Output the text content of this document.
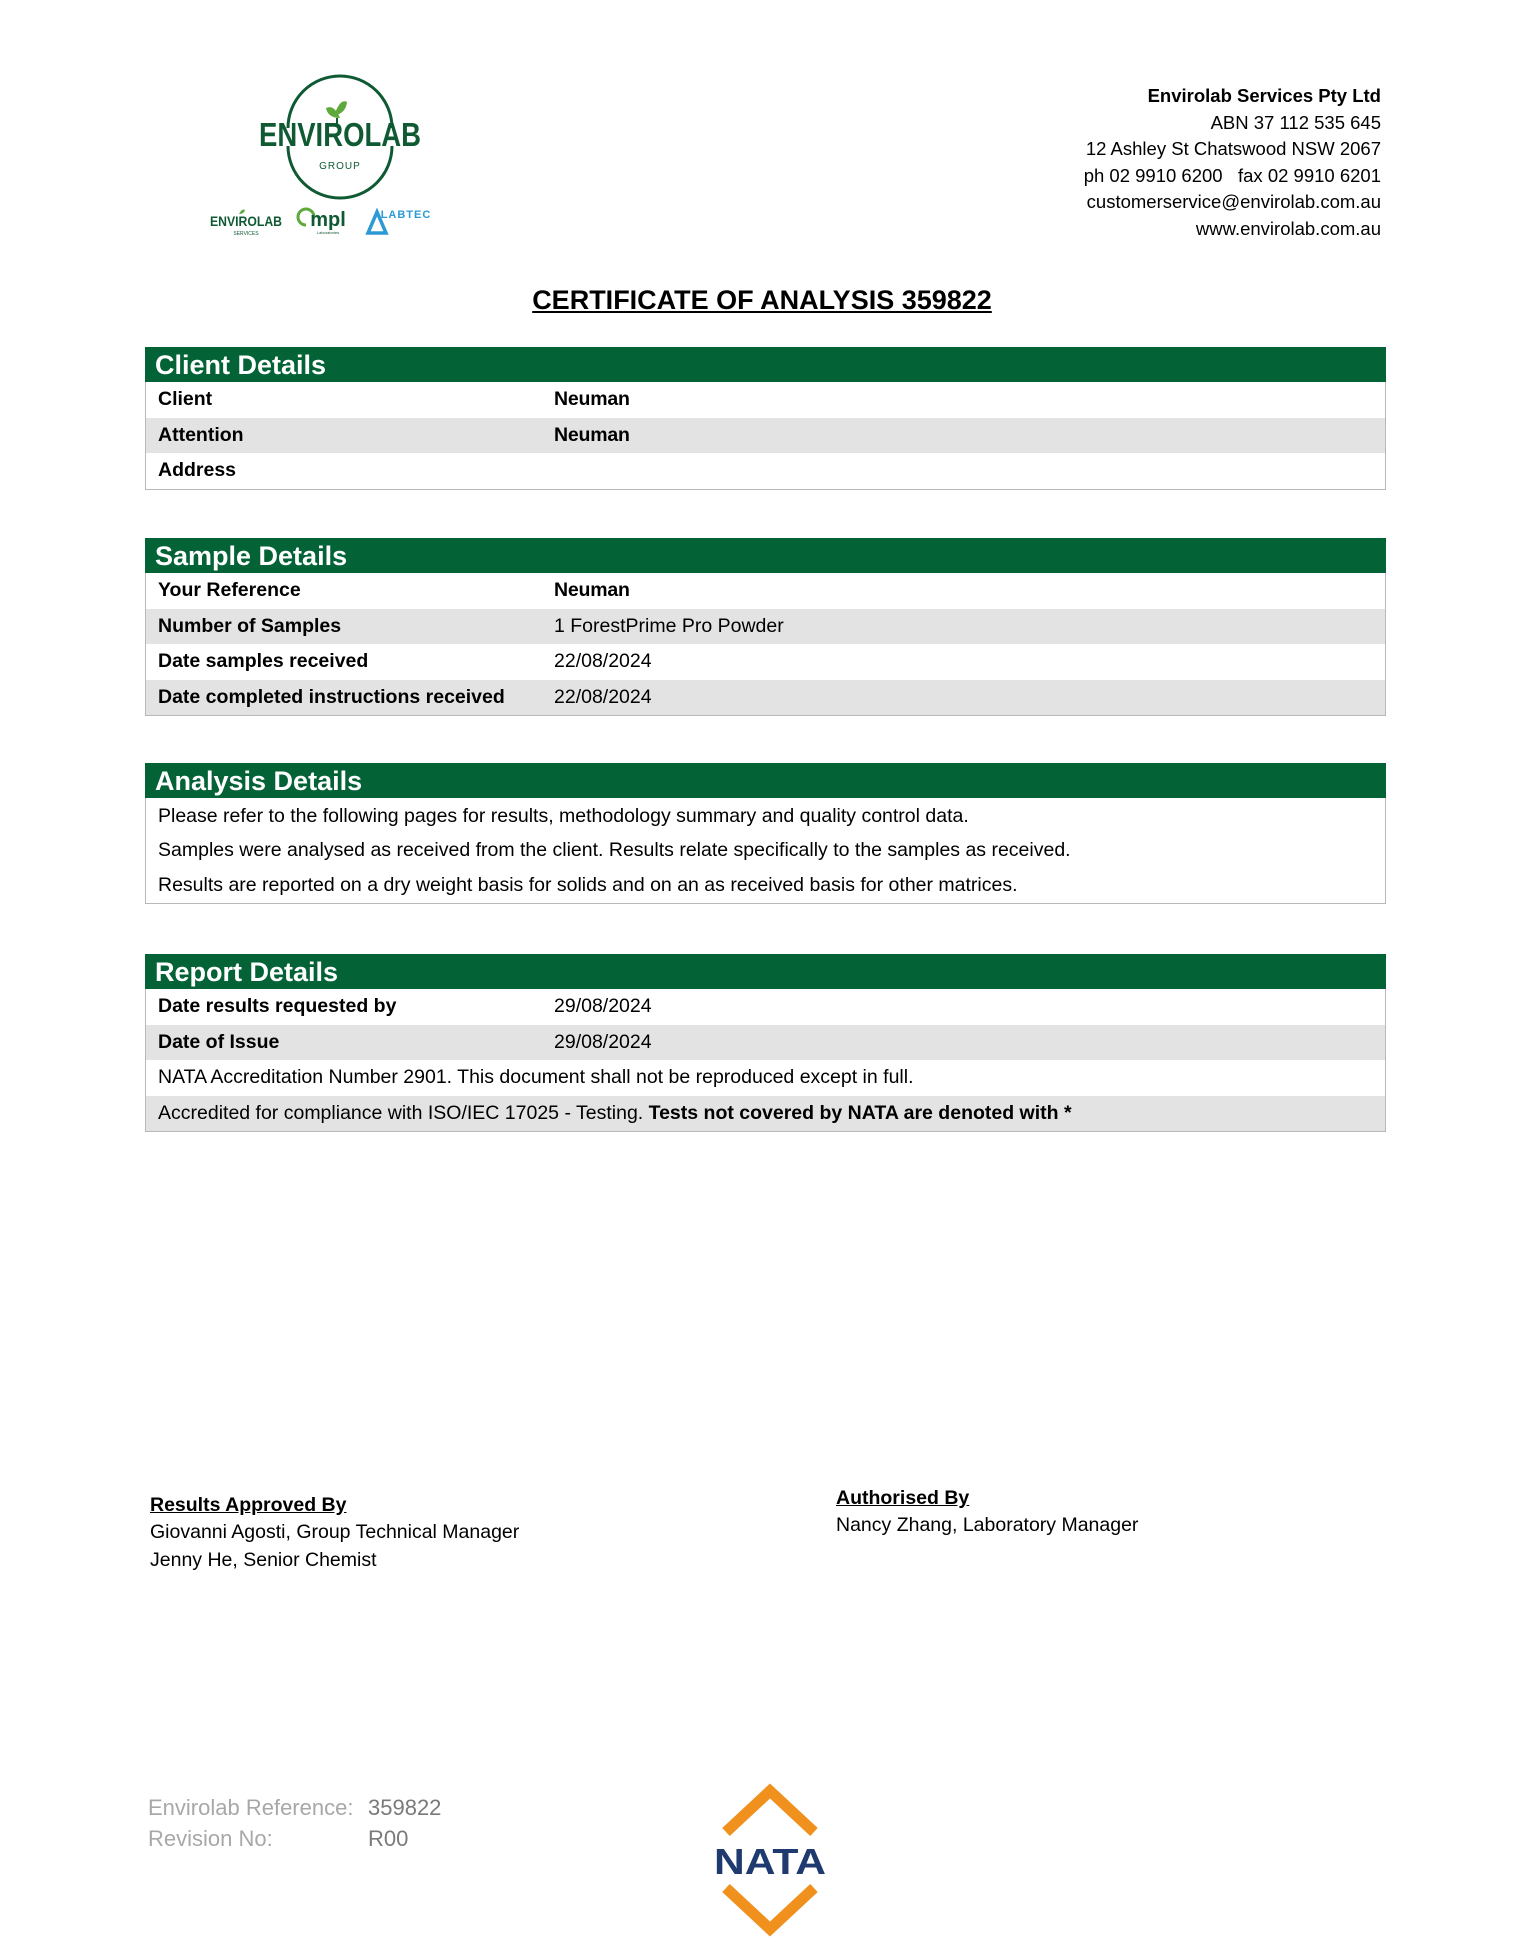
ENVIROLAB
GROUP
ENVIROLAB
SERVICES
mpl
Laboratories
LABTEC
Envirolab Services Pty Ltd
ABN 37 112 535 645
12 Ashley St Chatswood NSW 2067
ph 02 9910 6200   fax 02 9910 6201
customerservice@envirolab.com.au
www.envirolab.com.au
CERTIFICATE OF ANALYSIS 359822
Client Details
Client	Neuman
Attention	Neuman
Address
Sample Details
Your Reference	Neuman
Number of Samples	1 ForestPrime Pro Powder
Date samples received	22/08/2024
Date completed instructions received	22/08/2024
Analysis Details
Please refer to the following pages for results, methodology summary and quality control data.
Samples were analysed as received from the client. Results relate specifically to the samples as received.
Results are reported on a dry weight basis for solids and on an as received basis for other matrices.
Report Details
Date results requested by	29/08/2024
Date of Issue	29/08/2024
NATA Accreditation Number 2901. This document shall not be reproduced except in full.
Accredited for compliance with ISO/IEC 17025 - Testing. Tests not covered by NATA are denoted with *
Results Approved By
Giovanni Agosti, Group Technical Manager
Jenny He, Senior Chemist
Authorised By
Nancy Zhang, Laboratory Manager
Envirolab Reference: 359822
Revision No:	R00
NATA
